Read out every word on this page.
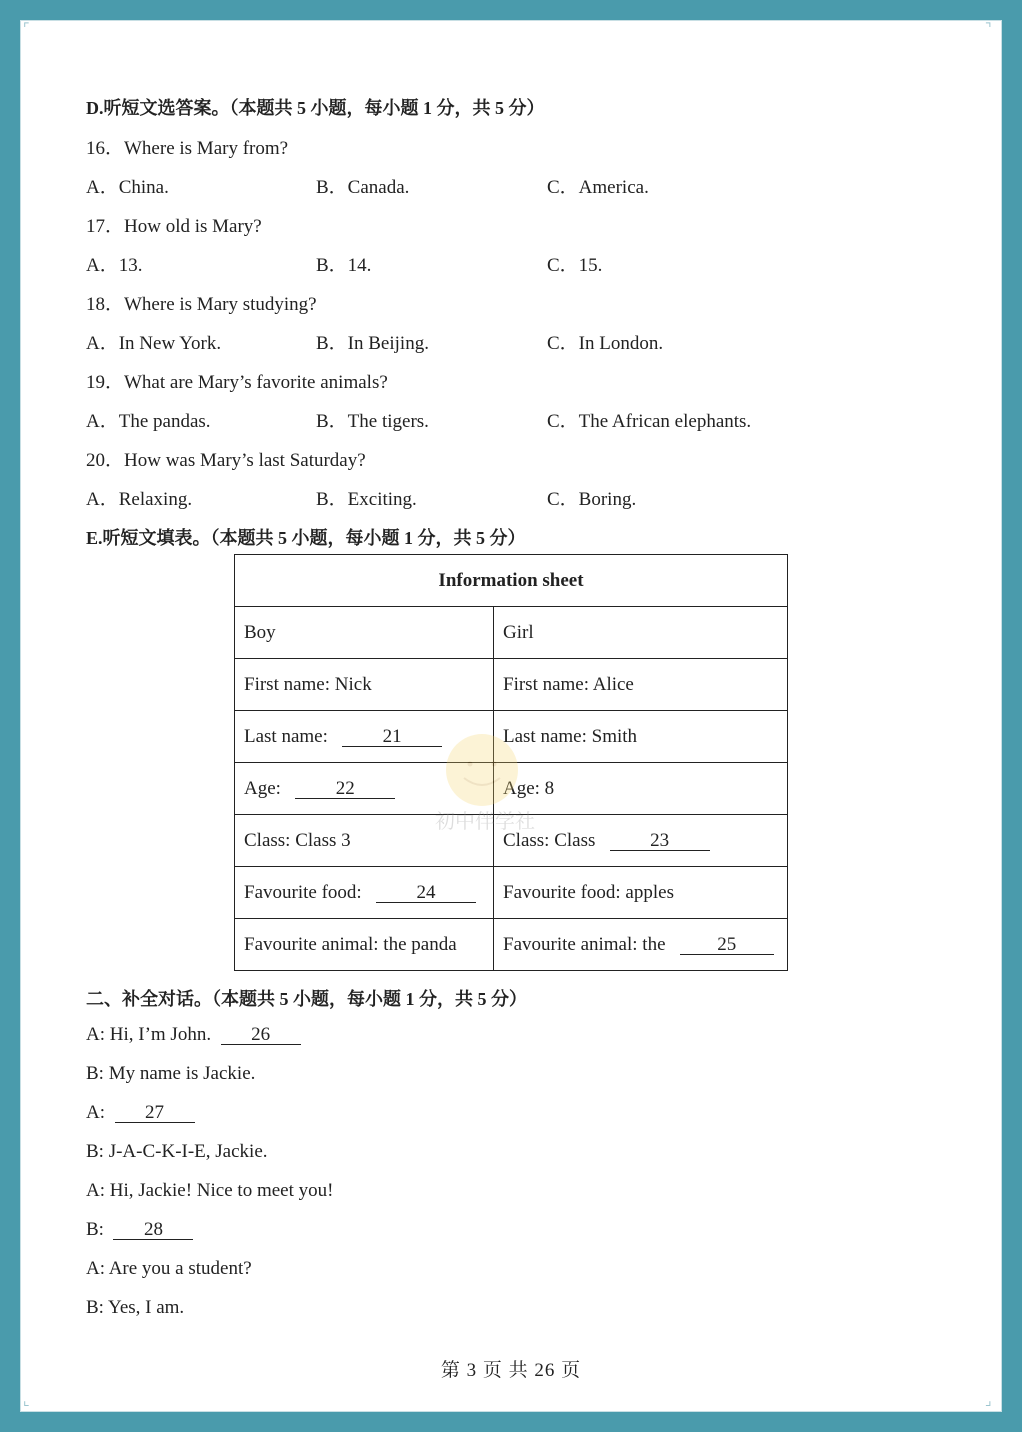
⌜	⌝
⌞	⌟
D.听短文选答案。（本题共 5 小题，每小题 1 分，共 5 分）
16．Where is Mary from?
A．China.	B．Canada.	C．America.
17．How old is Mary?
A．13.	B．14.	C．15.
18．Where is Mary studying?
A．In New York.	B．In Beijing.	C．In London.
19．What are Mary’s favorite animals?
A．The pandas.	B．The tigers.	C．The African elephants.
20．How was Mary’s last Saturday?
A．Relaxing.	B．Exciting.	C．Boring.
E.听短文填表。（本题共 5 小题，每小题 1 分，共 5 分）
Information sheet	
Boy	Girl
First name: Nick	First name: Alice
Last name: 21	Last name: Smith
Age: 22	Age: 8
Class: Class 3	Class: Class 23
Favourite food: 24	Favourite food: apples
Favourite animal: the panda	Favourite animal: the 25
初中伴学社
二、补全对话。（本题共 5 小题，每小题 1 分，共 5 分）
A: Hi, I’m John. 26
B: My name is Jackie.
A: 27
B: J-A-C-K-I-E, Jackie.
A: Hi, Jackie! Nice to meet you!
B: 28
A: Are you a student?
B: Yes, I am.
第 3 页 共 26 页
